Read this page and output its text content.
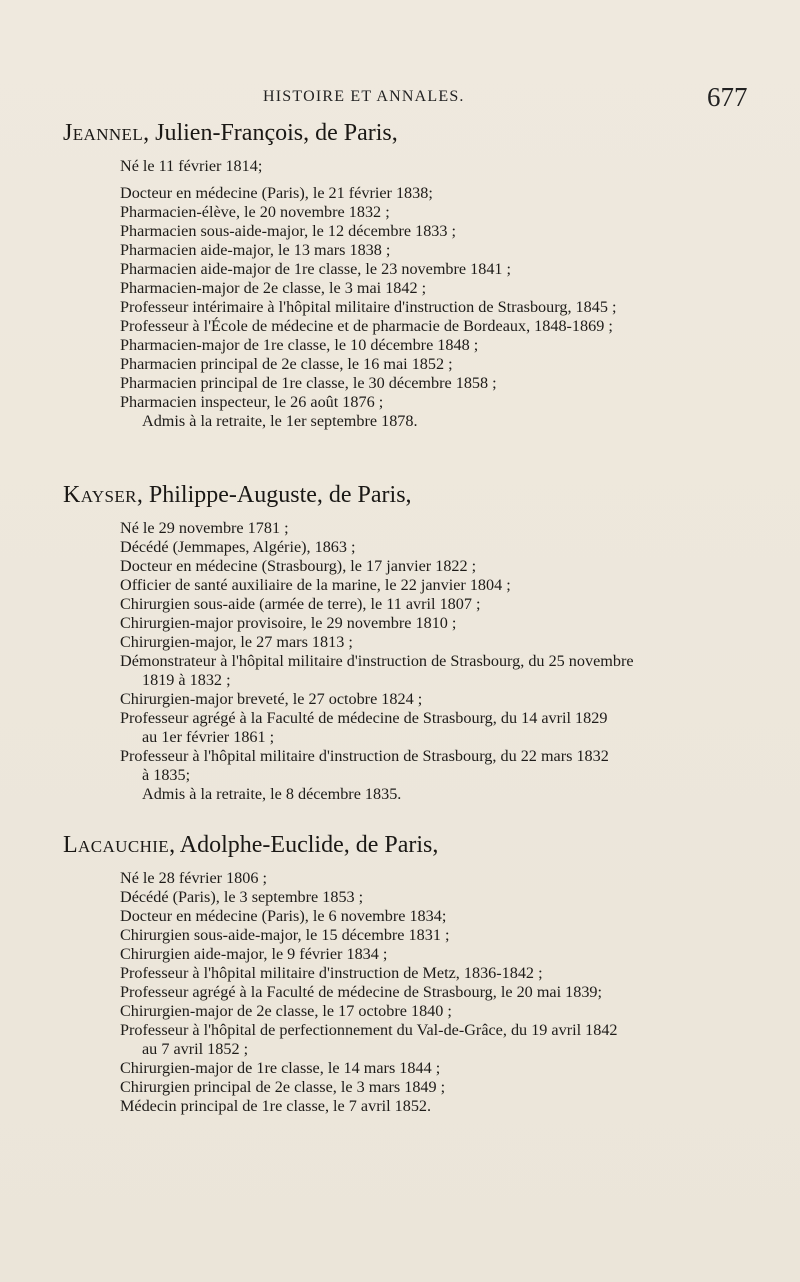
HISTOIRE ET ANNALES.	677
Jeannel, Julien-François, de Paris,
Né le 11 février 1814;
Docteur en médecine (Paris), le 21 février 1838;
Pharmacien-élève, le 20 novembre 1832 ;
Pharmacien sous-aide-major, le 12 décembre 1833 ;
Pharmacien aide-major, le 13 mars 1838 ;
Pharmacien aide-major de 1re classe, le 23 novembre 1841 ;
Pharmacien-major de 2e classe, le 3 mai 1842 ;
Professeur intérimaire à l'hôpital militaire d'instruction de Strasbourg, 1845 ;
Professeur à l'École de médecine et de pharmacie de Bordeaux, 1848-1869 ;
Pharmacien-major de 1re classe, le 10 décembre 1848 ;
Pharmacien principal de 2e classe, le 16 mai 1852 ;
Pharmacien principal de 1re classe, le 30 décembre 1858 ;
Pharmacien inspecteur, le 26 août 1876 ;
Admis à la retraite, le 1er septembre 1878.
Kayser, Philippe-Auguste, de Paris,
Né le 29 novembre 1781 ;
Décédé (Jemmapes, Algérie), 1863 ;
Docteur en médecine (Strasbourg), le 17 janvier 1822 ;
Officier de santé auxiliaire de la marine, le 22 janvier 1804 ;
Chirurgien sous-aide (armée de terre), le 11 avril 1807 ;
Chirurgien-major provisoire, le 29 novembre 1810 ;
Chirurgien-major, le 27 mars 1813 ;
Démonstrateur à l'hôpital militaire d'instruction de Strasbourg, du 25 novembre
1819 à 1832 ;
Chirurgien-major breveté, le 27 octobre 1824 ;
Professeur agrégé à la Faculté de médecine de Strasbourg, du 14 avril 1829
au 1er février 1861 ;
Professeur à l'hôpital militaire d'instruction de Strasbourg, du 22 mars 1832
à 1835;
Admis à la retraite, le 8 décembre 1835.
Lacauchie, Adolphe-Euclide, de Paris,
Né le 28 février 1806 ;
Décédé (Paris), le 3 septembre 1853 ;
Docteur en médecine (Paris), le 6 novembre 1834;
Chirurgien sous-aide-major, le 15 décembre 1831 ;
Chirurgien aide-major, le 9 février 1834 ;
Professeur à l'hôpital militaire d'instruction de Metz, 1836-1842 ;
Professeur agrégé à la Faculté de médecine de Strasbourg, le 20 mai 1839;
Chirurgien-major de 2e classe, le 17 octobre 1840 ;
Professeur à l'hôpital de perfectionnement du Val-de-Grâce, du 19 avril 1842
au 7 avril 1852 ;
Chirurgien-major de 1re classe, le 14 mars 1844 ;
Chirurgien principal de 2e classe, le 3 mars 1849 ;
Médecin principal de 1re classe, le 7 avril 1852.
